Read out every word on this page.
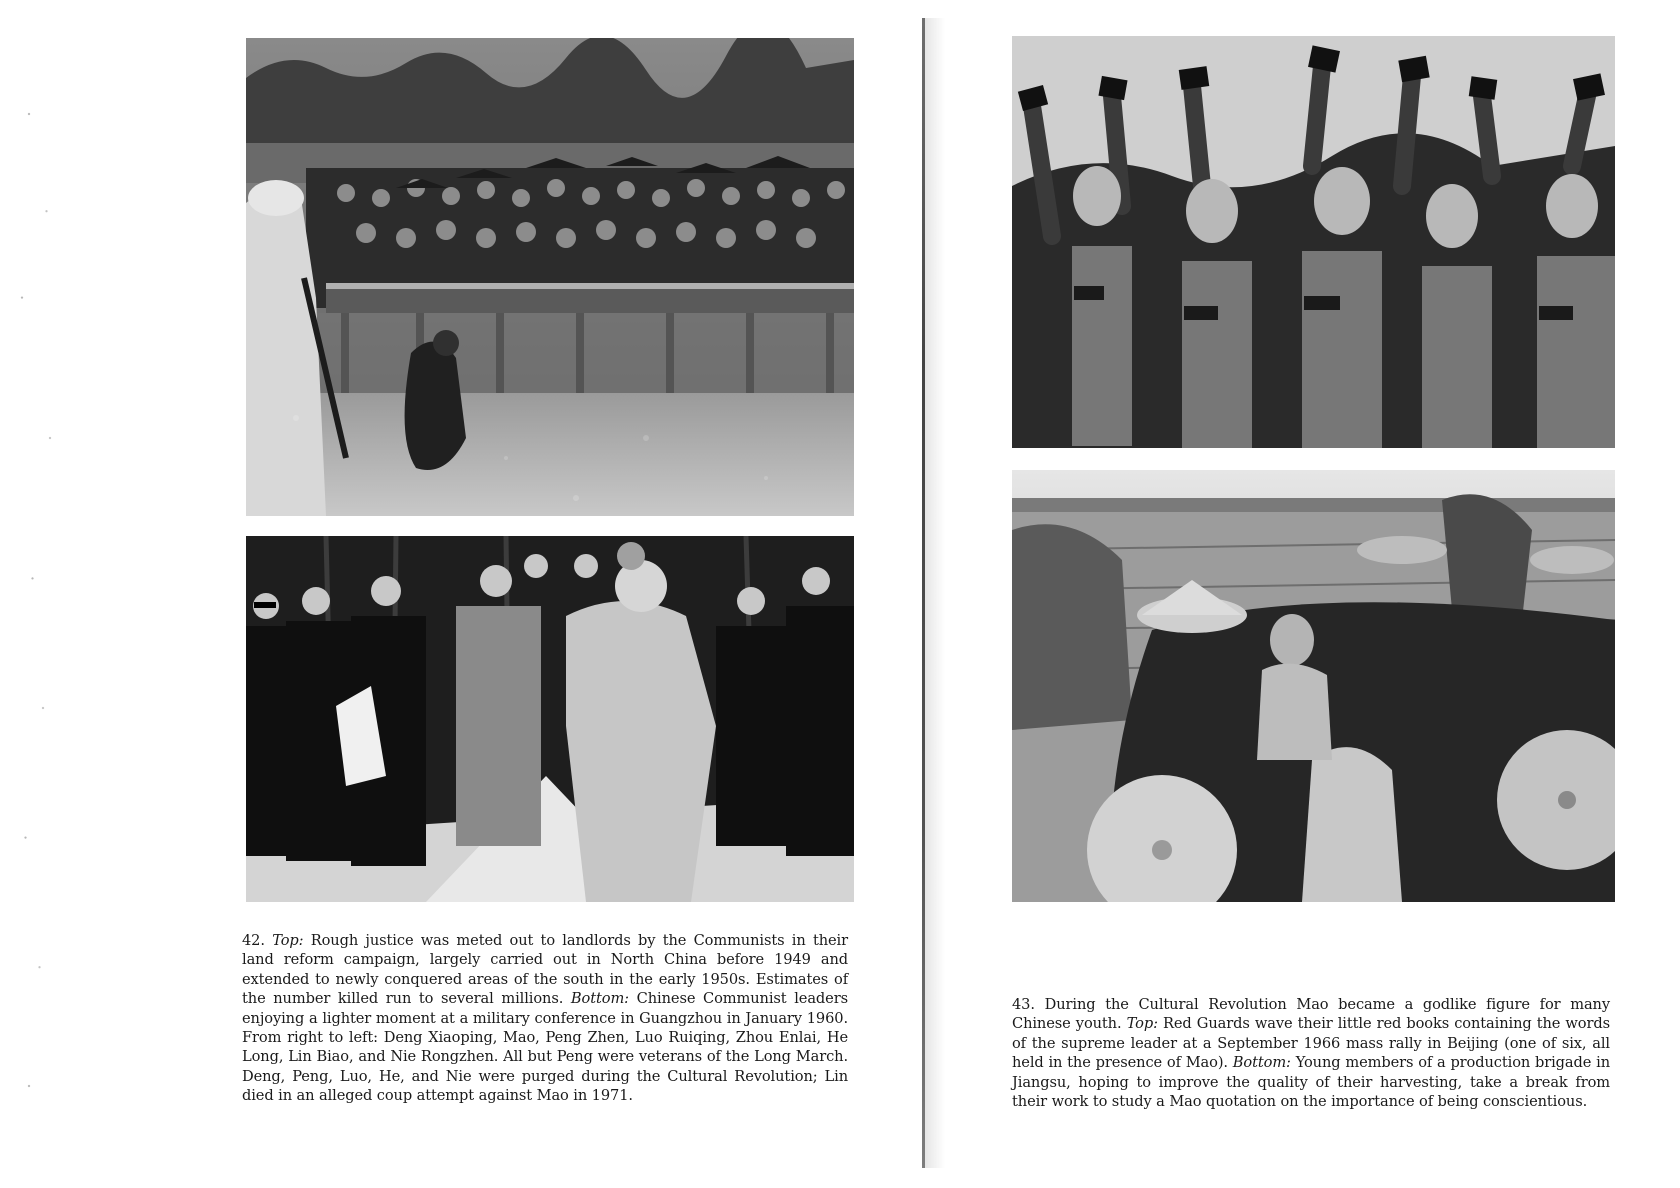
42. Top: Rough justice was meted out to landlords by the Communists in their land reform campaign, largely carried out in North China before 1949 and extended to newly conquered areas of the south in the early 1950s. Estimates of the number killed run to several millions. Bottom: Chinese Communist leaders enjoying a lighter moment at a military conference in Guangzhou in January 1960. From right to left: Deng Xiaoping, Mao, Peng Zhen, Luo Ruiqing, Zhou Enlai, He Long, Lin Biao, and Nie Rongzhen. All but Peng were veterans of the Long March. Deng, Peng, Luo, He, and Nie were purged during the Cultural Revolution; Lin died in an alleged coup attempt against Mao in 1971.
43. During the Cultural Revolution Mao became a godlike figure for many Chinese youth. Top: Red Guards wave their little red books containing the words of the supreme leader at a September 1966 mass rally in Beijing (one of six, all held in the presence of Mao). Bottom: Young members of a production brigade in Jiangsu, hoping to improve the quality of their harvesting, take a break from their work to study a Mao quotation on the importance of being conscientious.
